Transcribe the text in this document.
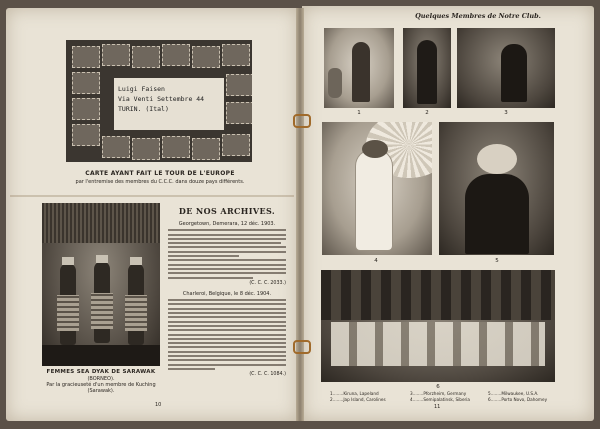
Luigi Faisen
Via Venti Settembre 44
TURIN. (Ital)
CARTE AYANT FAIT LE TOUR DE L'EUROPE
par l'entremise des membres du C.C.C. dans douze pays différents.
FEMMES SEA DYAK DE SARAWAK
(BORNEO).
Par la gracieuseté d'un membre de Kuching
(Sarawak).
DE NOS ARCHIVES.
Georgetown, Demerara, 12 déc. 1903.
(C. C. C. 2033.)
Charleroi, Belgique, le 8 déc. 1904.
(C. C. C. 1084.)
10
Quelques Membres de Notre Club.
1	2	3
4	5
6
1........Kiruna, Lapeland
2........Jap Island, Carolines
3........Pforzheim, Germany
4........Semipalatinsk, Siberia
5........Milwaukee, U.S.A.
6........Porto Novo, Dahomey
11
